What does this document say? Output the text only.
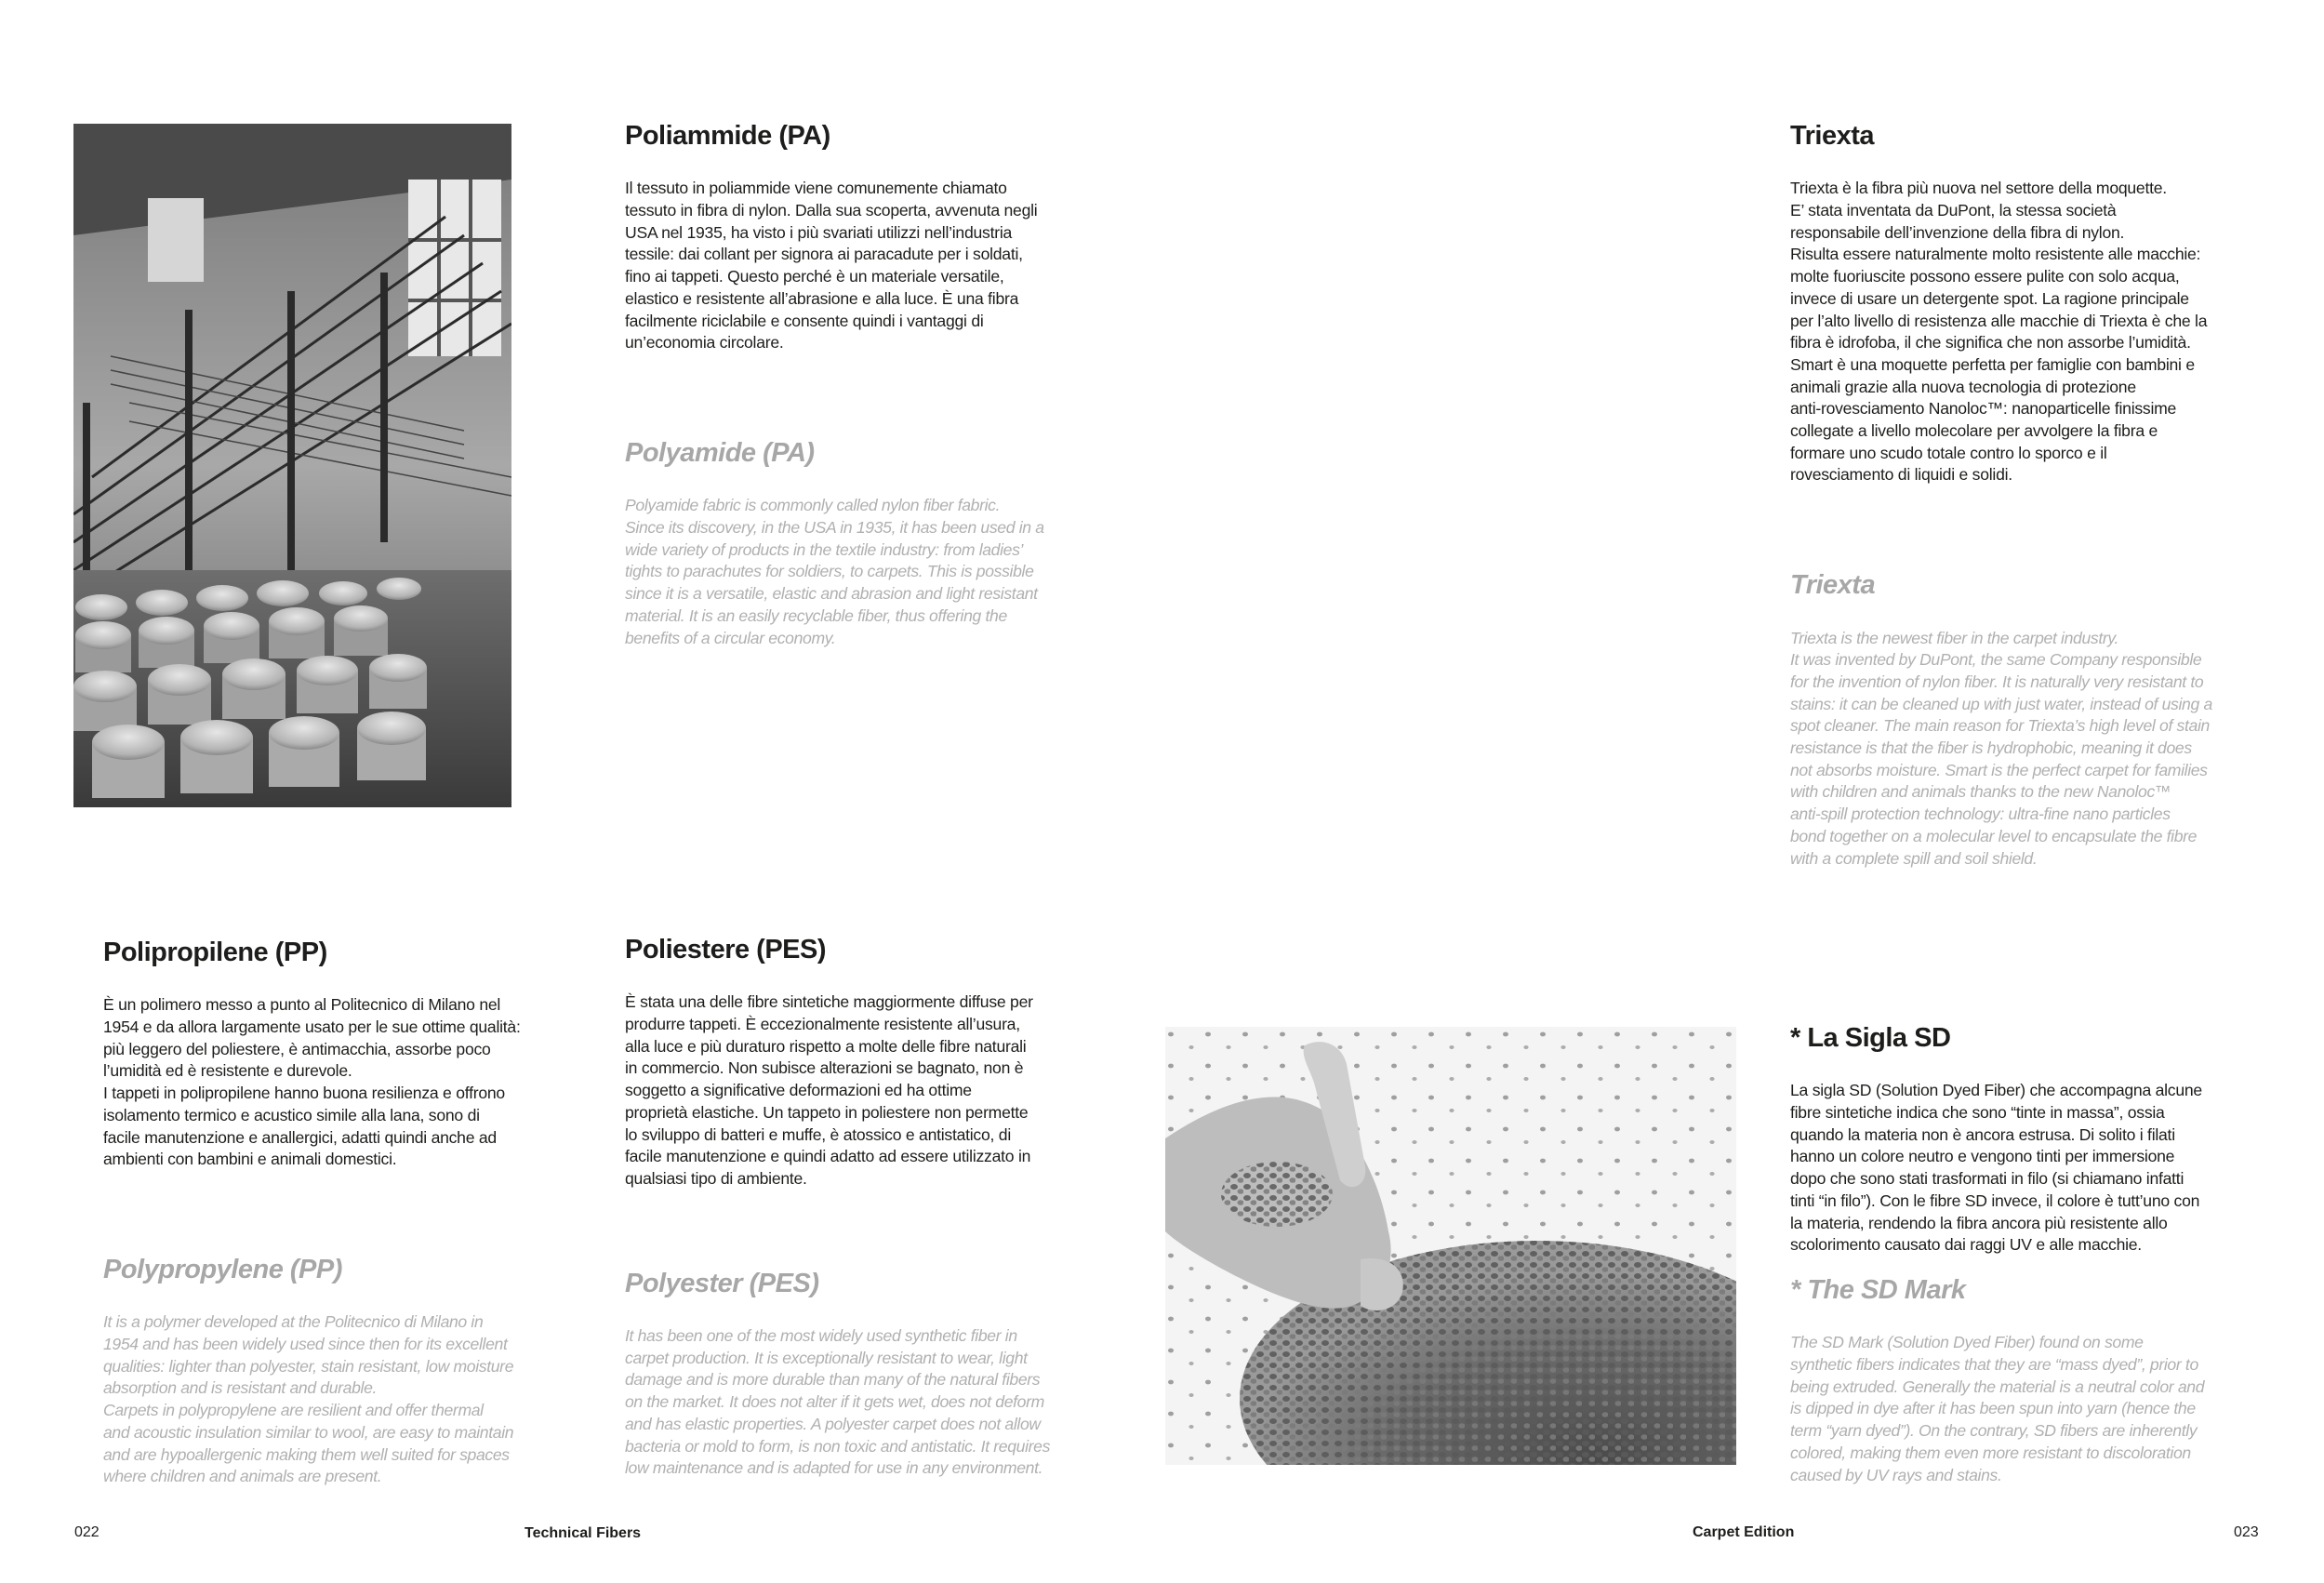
Poliammide (PA)

Il tessuto in poliammide viene comunemente chiamato
tessuto in fibra di nylon. Dalla sua scoperta, avvenuta negli
USA nel 1935, ha visto i più svariati utilizzi nell’industria
tessile: dai collant per signora ai paracadute per i soldati,
fino ai tappeti. Questo perché è un materiale versatile,
elastico e resistente all’abrasione e alla luce. È una fibra
facilmente riciclabile e consente quindi i vantaggi di
un’economia circolare.

Polyamide (PA)

Polyamide fabric is commonly called nylon fiber fabric.
Since its discovery, in the USA in 1935, it has been used in a
wide variety of products in the textile industry: from ladies’
tights to parachutes for soldiers, to carpets. This is possible
since it is a versatile, elastic and abrasion and light resistant
material. It is an easily recyclable fiber, thus offering the
benefits of a circular economy.

Triexta

Triexta è la fibra più nuova nel settore della moquette.
E’ stata inventata da DuPont, la stessa società
responsabile dell’invenzione della fibra di nylon.
Risulta essere naturalmente molto resistente alle macchie:
molte fuoriuscite possono essere pulite con solo acqua,
invece di usare un detergente spot. La ragione principale
per l’alto livello di resistenza alle macchie di Triexta è che la
fibra è idrofoba, il che significa che non assorbe l’umidità.
Smart è una moquette perfetta per famiglie con bambini e
animali grazie alla nuova tecnologia di protezione
anti-rovesciamento Nanoloc™: nanoparticelle finissime
collegate a livello molecolare per avvolgere la fibra e
formare uno scudo totale contro lo sporco e il
rovesciamento di liquidi e solidi.

Triexta

Triexta is the newest fiber in the carpet industry.
It was invented by DuPont, the same Company responsible
for the invention of nylon fiber. It is naturally very resistant to
stains: it can be cleaned up with just water, instead of using a
spot cleaner. The main reason for Triexta’s high level of stain
resistance is that the fiber is hydrophobic, meaning it does
not absorbs moisture. Smart is the perfect carpet for families
with children and animals thanks to the new Nanoloc™
anti-spill protection technology: ultra-fine nano particles
bond together on a molecular level to encapsulate the fibre
with a complete spill and soil shield.

Polipropilene (PP)

È un polimero messo a punto al Politecnico di Milano nel
1954 e da allora largamente usato per le sue ottime qualità:
più leggero del poliestere, è antimacchia, assorbe poco
l’umidità ed è resistente e durevole.
I tappeti in polipropilene hanno buona resilienza e offrono
isolamento termico e acustico simile alla lana, sono di
facile manutenzione e anallergici, adatti quindi anche ad
ambienti con bambini e animali domestici.

Polypropylene (PP)

It is a polymer developed at the Politecnico di Milano in
1954 and has been widely used since then for its excellent
qualities: lighter than polyester, stain resistant, low moisture
absorption and is resistant and durable.
Carpets in polypropylene are resilient and offer thermal
and acoustic insulation similar to wool, are easy to maintain
and are hypoallergenic making them well suited for spaces
where children and animals are present.

Poliestere (PES)

È stata una delle fibre sintetiche maggiormente diffuse per
produrre tappeti. È eccezionalmente resistente all’usura,
alla luce e più duraturo rispetto a molte delle fibre naturali
in commercio. Non subisce alterazioni se bagnato, non è
soggetto a significative deformazioni ed ha ottime
proprietà elastiche. Un tappeto in poliestere non permette
lo sviluppo di batteri e muffe, è atossico e antistatico, di
facile manutenzione e quindi adatto ad essere utilizzato in
qualsiasi tipo di ambiente.

Polyester (PES)

It has been one of the most widely used synthetic fiber in
carpet production. It is exceptionally resistant to wear, light
damage and is more durable than many of the natural fibers
on the market. It does not alter if it gets wet, does not deform
and has elastic properties. A polyester carpet does not allow
bacteria or mold to form, is non toxic and antistatic. It requires
low maintenance and is adapted for use in any environment.

* La Sigla SD

La sigla SD (Solution Dyed Fiber) che accompagna alcune
fibre sintetiche indica che sono “tinte in massa”, ossia
quando la materia non è ancora estrusa. Di solito i filati
hanno un colore neutro e vengono tinti per immersione
dopo che sono stati trasformati in filo (si chiamano infatti
tinti “in filo”). Con le fibre SD invece, il colore è tutt’uno con
la materia, rendendo la fibra ancora più resistente allo
scolorimento causato dai raggi UV e alle macchie.

* The SD Mark

The SD Mark (Solution Dyed Fiber) found on some
synthetic fibers indicates that they are “mass dyed”, prior to
being extruded. Generally the material is a neutral color and
is dipped in dye after it has been spun into yarn (hence the
term “yarn dyed”). On the contrary, SD fibers are inherently
colored, making them even more resistant to discoloration
caused by UV rays and stains.

022	Technical Fibers	Carpet Edition	023
